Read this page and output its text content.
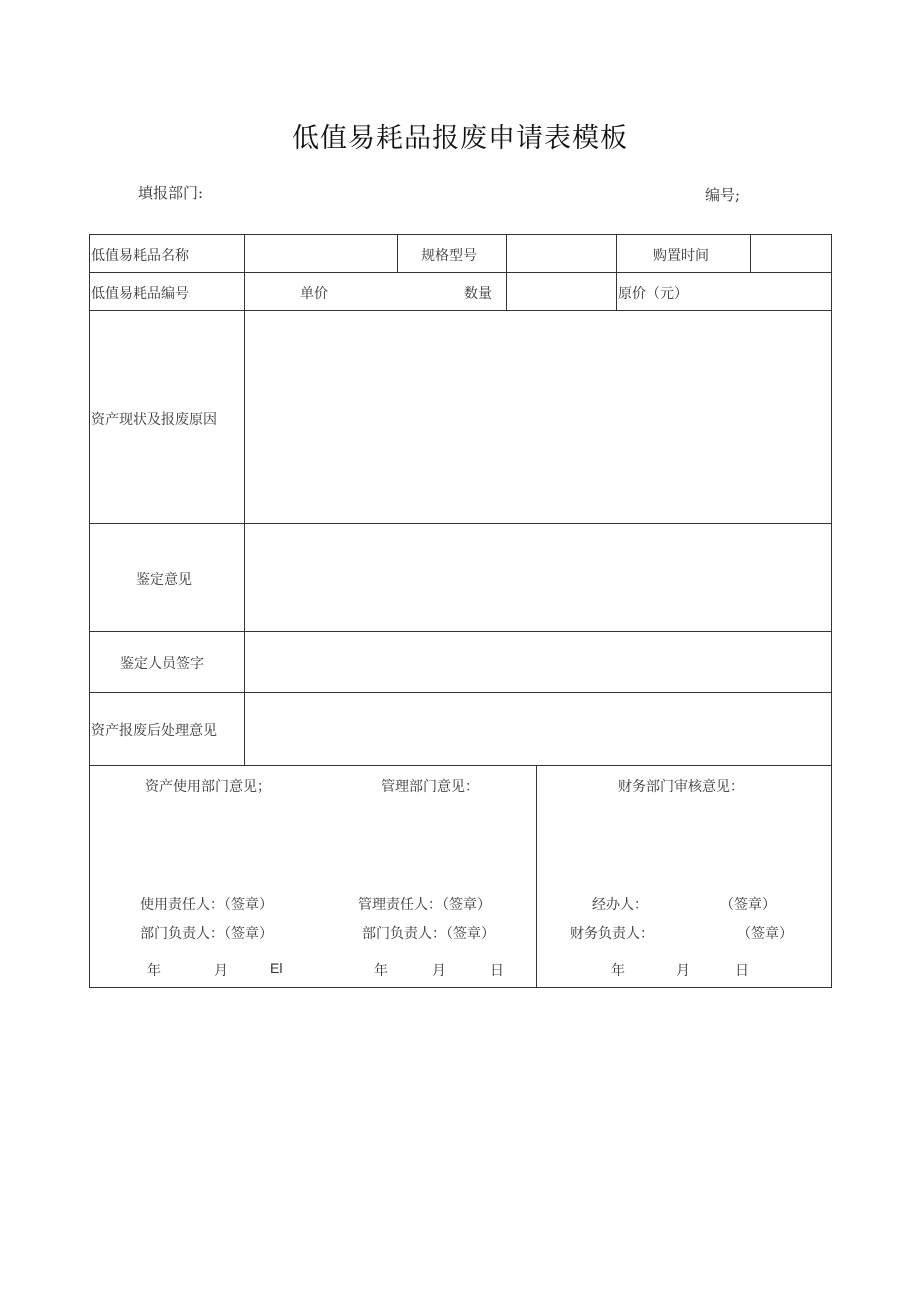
低值易耗品报废申请表模板
填报部门:	编号;
低值易耗品名称	规格型号	购置时间
低值易耗品编号	单价	数量	原价（元）
资产现状及报废原因
鉴定意见
鉴定人员签字
资产报废后处理意见
资产使用部门意见；
使用责任人：（签章）
部门负责人：（签章）
年	月	El
管理部门意见：
管理责任人：（签章）
部门负责人：（签章）
年	月	日
财务部门审核意见：
经办人：	（签章）
财务负责人：	（签章）
年	月	日
